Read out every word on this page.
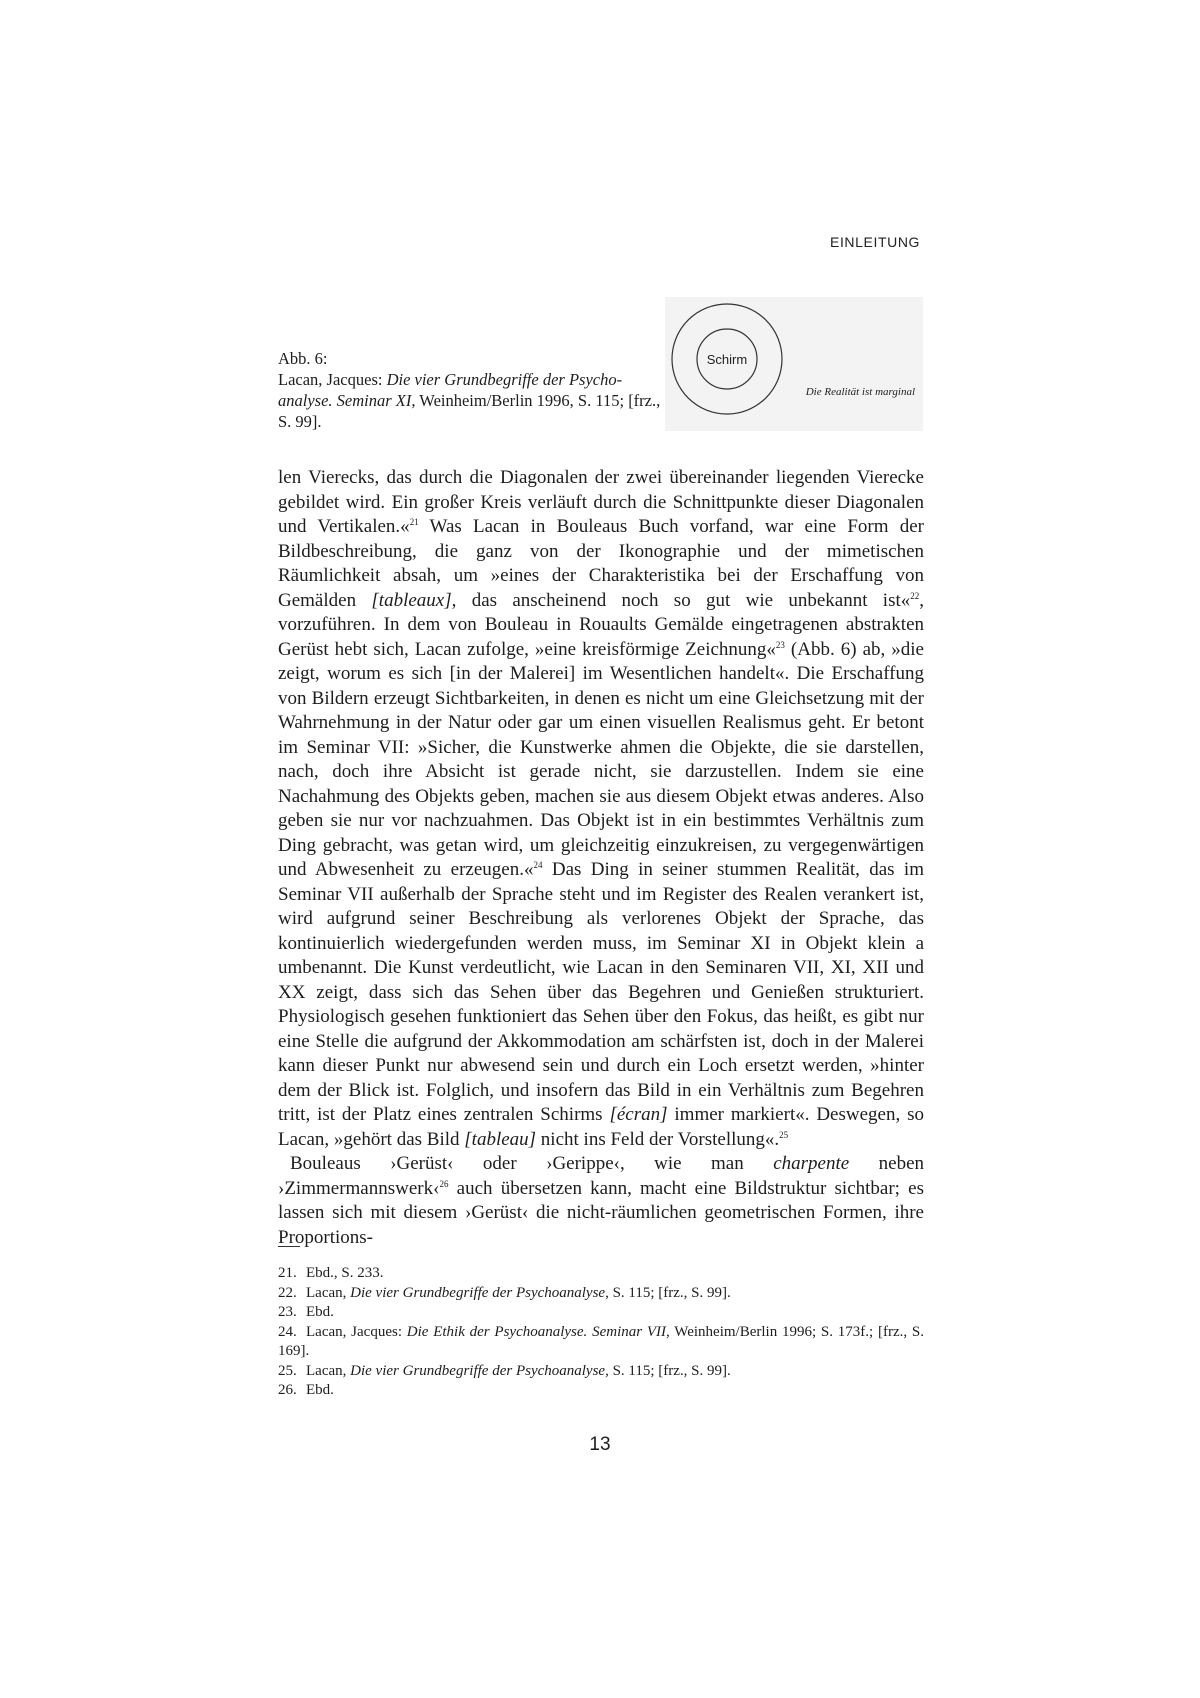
EINLEITUNG
Abb. 6:
Lacan, Jacques: Die vier Grundbegriffe der Psycho-analyse. Seminar XI, Weinheim/Berlin 1996, S. 115; [frz., S. 99].
Schirm
Die Realität ist marginal

len Vierecks, das durch die Diagonalen der zwei übereinander liegenden Vierecke gebildet wird. Ein großer Kreis verläuft durch die Schnittpunkte dieser Diagonalen und Vertikalen.«$^{21}$ Was Lacan in Bouleaus Buch vorfand, war eine Form der Bildbeschreibung, die ganz von der Ikonographie und der mimetischen Räumlichkeit absah, um »eines der Charakteristika bei der Erschaffung von Gemälden [tableaux], das anscheinend noch so gut wie unbekannt ist«$^{22}$, vorzuführen. In dem von Bouleau in Rouaults Gemälde eingetragenen abstrakten Gerüst hebt sich, Lacan zufolge, »eine kreisförmige Zeichnung«$^{23}$ (Abb. 6) ab, »die zeigt, worum es sich [in der Malerei] im Wesentlichen handelt«. Die Erschaffung von Bildern erzeugt Sichtbarkeiten, in denen es nicht um eine Gleichsetzung mit der Wahrnehmung in der Natur oder gar um einen visuellen Realismus geht. Er betont im Seminar VII: »Sicher, die Kunstwerke ahmen die Objekte, die sie darstellen, nach, doch ihre Absicht ist gerade nicht, sie darzustellen. Indem sie eine Nachahmung des Objekts geben, machen sie aus diesem Objekt etwas anderes. Also geben sie nur vor nachzuahmen. Das Objekt ist in ein bestimmtes Verhältnis zum Ding gebracht, was getan wird, um gleichzeitig einzukreisen, zu vergegenwärtigen und Abwesenheit zu erzeugen.«$^{24}$ Das Ding in seiner stummen Realität, das im Seminar VII außerhalb der Sprache steht und im Register des Realen verankert ist, wird aufgrund seiner Beschreibung als verlorenes Objekt der Sprache, das kontinuierlich wiedergefunden werden muss, im Seminar XI in Objekt klein a umbenannt. Die Kunst verdeutlicht, wie Lacan in den Seminaren VII, XI, XII und XX zeigt, dass sich das Sehen über das Begehren und Genießen strukturiert. Physiologisch gesehen funktioniert das Sehen über den Fokus, das heißt, es gibt nur eine Stelle die aufgrund der Akkommodation am schärfsten ist, doch in der Malerei kann dieser Punkt nur abwesend sein und durch ein Loch ersetzt werden, »hinter dem der Blick ist. Folglich, und insofern das Bild in ein Verhältnis zum Begehren tritt, ist der Platz eines zentralen Schirms [écran] immer markiert«. Deswegen, so Lacan, »gehört das Bild [tableau] nicht ins Feld der Vorstellung«.$^{25}$

Bouleaus ›Gerüst‹ oder ›Gerippe‹, wie man charpente neben ›Zimmermannswerk‹$^{26}$ auch übersetzen kann, macht eine Bildstruktur sichtbar; es lassen sich mit diesem ›Gerüst‹ die nicht-räumlichen geometrischen Formen, ihre Proportions-

21. Ebd., S. 233.
22. Lacan, Die vier Grundbegriffe der Psychoanalyse, S. 115; [frz., S. 99].
23. Ebd.
24. Lacan, Jacques: Die Ethik der Psychoanalyse. Seminar VII, Weinheim/Berlin 1996; S. 173f.; [frz., S. 169].
25. Lacan, Die vier Grundbegriffe der Psychoanalyse, S. 115; [frz., S. 99].
26. Ebd.
13
